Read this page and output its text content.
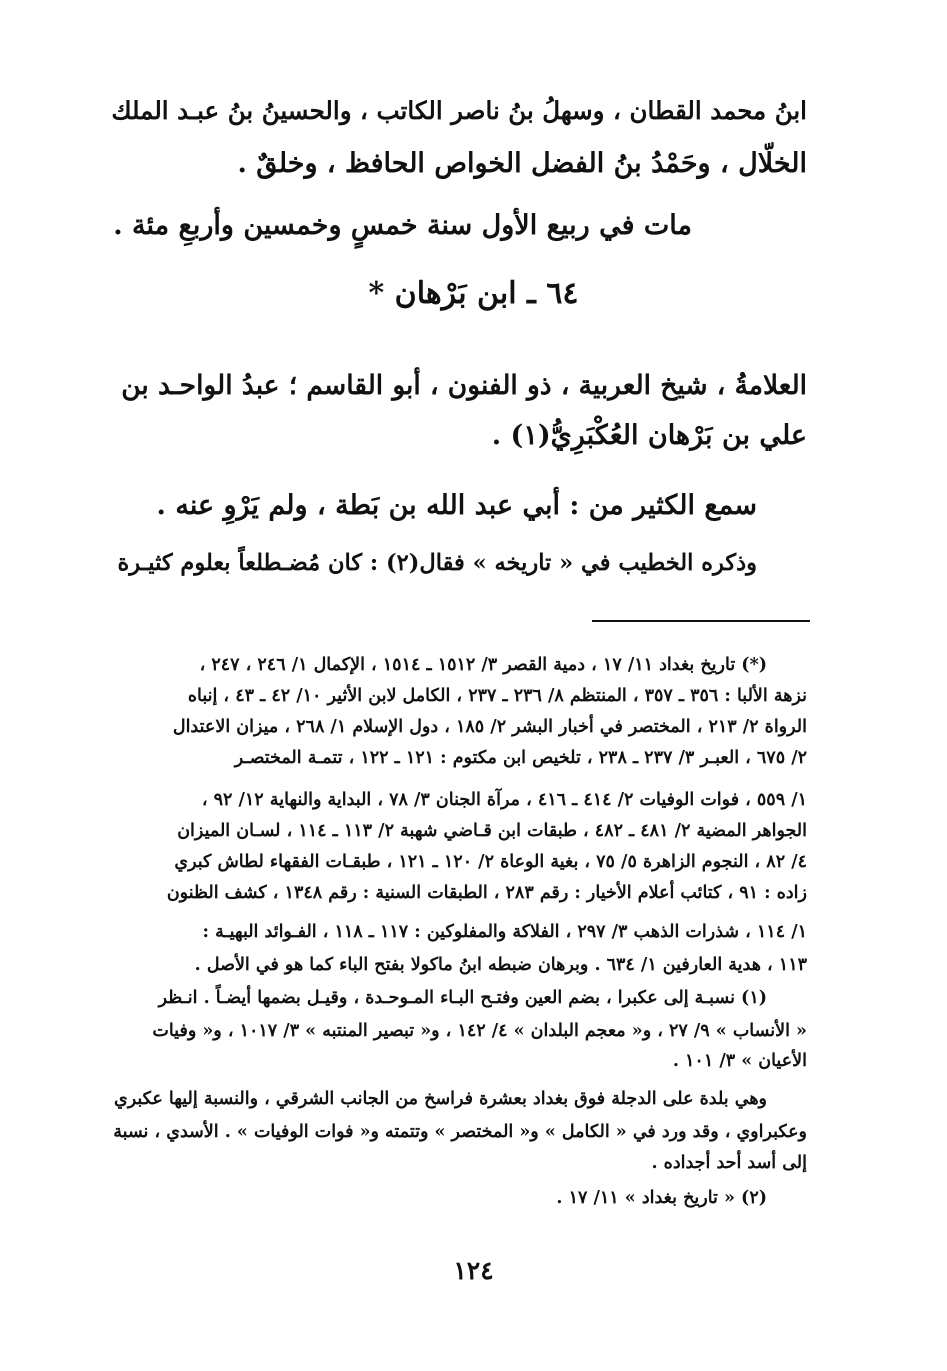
ابنُ محمد القطان ، وسهلُ بنُ ناصر الكاتب ، والحسينُ بنُ عبـد الملك
الخلّال ، وحَمْدُ بنُ الفضل الخواص الحافظ ، وخلقٌ .
مات في ربيع الأول سنة خمسٍ وخمسين وأربعِ مئة .
٦٤ ـ ابن بَرْهان *
العلامةُ ، شيخ العربية ، ذو الفنون ، أبو القاسم ؛ عبدُ الواحـد بن
علي بن بَرْهان العُكْبَرِيُّ(١) .
سمع الكثير من : أبي عبد الله بن بَطة ، ولم يَرْوِ عنه .
وذكره الخطيب في « تاريخه » فقال(٢) : كان مُضـطلعاً بعلوم كثيـرة
(*) تاريخ بغداد ١١/ ١٧ ، دمية القصر ٣/ ١٥١٢ ـ ١٥١٤ ، الإكمال ١/ ٢٤٦ ، ٢٤٧ ،
نزهة الألبا : ٣٥٦ ـ ٣٥٧ ، المنتظم ٨/ ٢٣٦ ـ ٢٣٧ ، الكامل لابن الأثير ١٠/ ٤٢ ـ ٤٣ ، إنباه
الرواة ٢/ ٢١٣ ، المختصر في أخبار البشر ٢/ ١٨٥ ، دول الإسلام ١/ ٢٦٨ ، ميزان الاعتدال
٢/ ٦٧٥ ، العبـر ٣/ ٢٣٧ ـ ٢٣٨ ، تلخيص ابن مكتوم : ١٢١ ـ ١٢٢ ، تتمـة المختصـر
١/ ٥٥٩ ، فوات الوفيات ٢/ ٤١٤ ـ ٤١٦ ، مرآة الجنان ٣/ ٧٨ ، البداية والنهاية ١٢/ ٩٢ ،
الجواهر المضية ٢/ ٤٨١ ـ ٤٨٢ ، طبقات ابن قـاضي شهبة ٢/ ١١٣ ـ ١١٤ ، لسـان الميزان
٤/ ٨٢ ، النجوم الزاهرة ٥/ ٧٥ ، بغية الوعاة ٢/ ١٢٠ ـ ١٢١ ، طبقـات الفقهاء لطاش كبري
زاده : ٩١ ، كتائب أعلام الأخيار : رقم ٢٨٣ ، الطبقات السنية : رقم ١٣٤٨ ، كشف الظنون
١/ ١١٤ ، شذرات الذهب ٣/ ٢٩٧ ، الفلاكة والمفلوكين : ١١٧ ـ ١١٨ ، الفـوائد البهيـة :
١١٣ ، هدية العارفين ١/ ٦٣٤ . وبرهان ضبطه ابنُ ماكولا بفتح الباء كما هو في الأصل .
(١) نسبـة إلى عكبرا ، بضم العين وفتـح البـاء المـوحـدة ، وقيـل بضمها أيضـاً . انـظر
« الأنساب » ٩/ ٢٧ ، و« معجم البلدان » ٤/ ١٤٢ ، و« تبصير المنتبه » ٣/ ١٠١٧ ، و« وفيات
الأعيان » ٣/ ١٠١ .
وهي بلدة على الدجلة فوق بغداد بعشرة فراسخ من الجانب الشرقي ، والنسبة إليها عكبري
وعكبراوي ، وقد ورد في « الكامل » و« المختصر » وتتمته و« فوات الوفيات » . الأسدي ، نسبة
إلى أسد أحد أجداده .
(٢) « تاريخ بغداد » ١١/ ١٧ .
١٢٤
